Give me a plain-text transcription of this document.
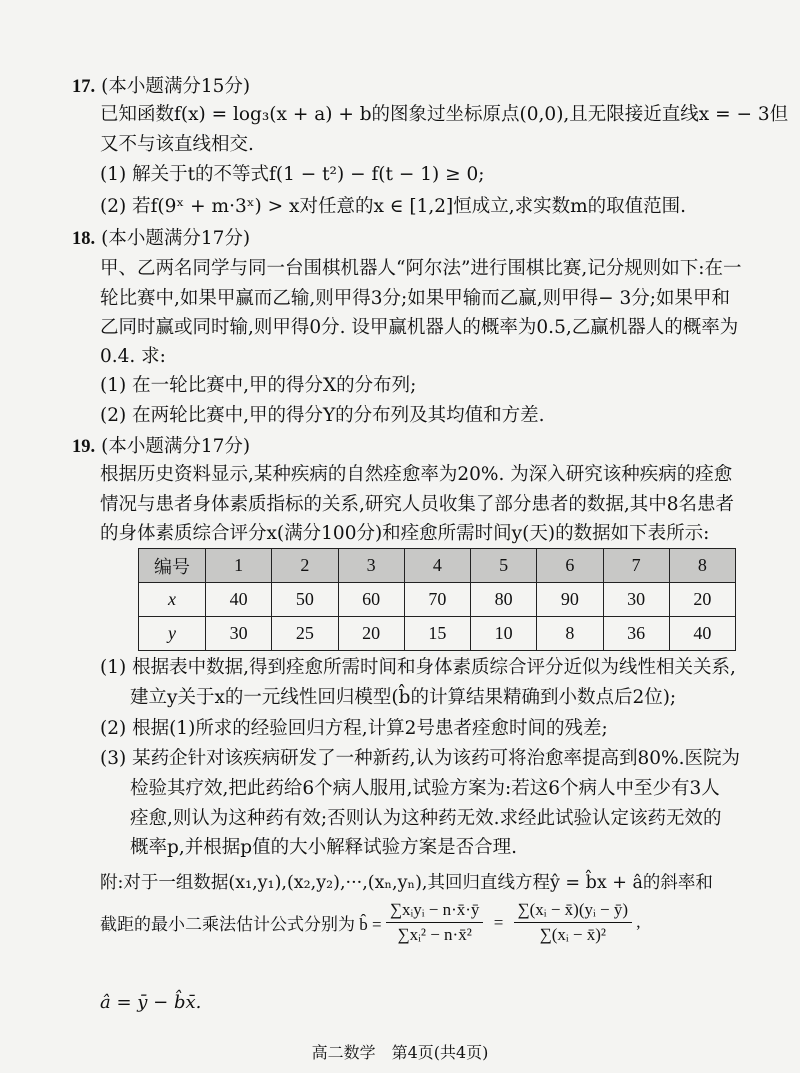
17. (本小题满分15分)
已知函数f(x) = log₃(x + a) + b的图象过坐标原点(0,0),且无限接近直线x = − 3但
又不与该直线相交.
(1) 解关于t的不等式f(1 − t²) − f(t − 1) ≥ 0;
(2) 若f(9ˣ + m·3ˣ) > x对任意的x ∈ [1,2]恒成立,求实数m的取值范围.
18. (本小题满分17分)
甲、乙两名同学与同一台围棋机器人“阿尔法”进行围棋比赛,记分规则如下:在一
轮比赛中,如果甲赢而乙输,则甲得3分;如果甲输而乙赢,则甲得− 3分;如果甲和
乙同时赢或同时输,则甲得0分. 设甲赢机器人的概率为0.5,乙赢机器人的概率为
0.4. 求:
(1) 在一轮比赛中,甲的得分X的分布列;
(2) 在两轮比赛中,甲的得分Y的分布列及其均值和方差.
19. (本小题满分17分)
根据历史资料显示,某种疾病的自然痊愈率为20%. 为深入研究该种疾病的痊愈
情况与患者身体素质指标的关系,研究人员收集了部分患者的数据,其中8名患者
的身体素质综合评分x(满分100分)和痊愈所需时间y(天)的数据如下表所示:
编号	1	2	3	4	5	6	7	8
x	40	50	60	70	80	90	30	20
y	30	25	20	15	10	8	36	40
(1) 根据表中数据,得到痊愈所需时间和身体素质综合评分近似为线性相关关系,
建立y关于x的一元线性回归模型(b̂的计算结果精确到小数点后2位);
(2) 根据(1)所求的经验回归方程,计算2号患者痊愈时间的残差;
(3) 某药企针对该疾病研发了一种新药,认为该药可将治愈率提高到80%.医院为
检验其疗效,把此药给6个病人服用,试验方案为:若这6个病人中至少有3人
痊愈,则认为这种药有效;否则认为这种药无效.求经此试验认定该药无效的
概率p,并根据p值的大小解释试验方案是否合理.
附:对于一组数据(x₁,y₁),(x₂,y₂),···,(xₙ,yₙ),其回归直线方程ŷ = b̂x + â的斜率和
截距的最小二乘法估计公式分别为 b̂ = $\frac{\text{∑xᵢyᵢ − n·x̄·ȳ}}{\text{∑xᵢ² − n·x̄²}} = \frac{\text{∑(xᵢ − x̄)(yᵢ − ȳ)}}{\text{∑(xᵢ − x̄)²}}$ ,
â = ȳ − b̂x̄.
高二数学　第4页(共4页)
